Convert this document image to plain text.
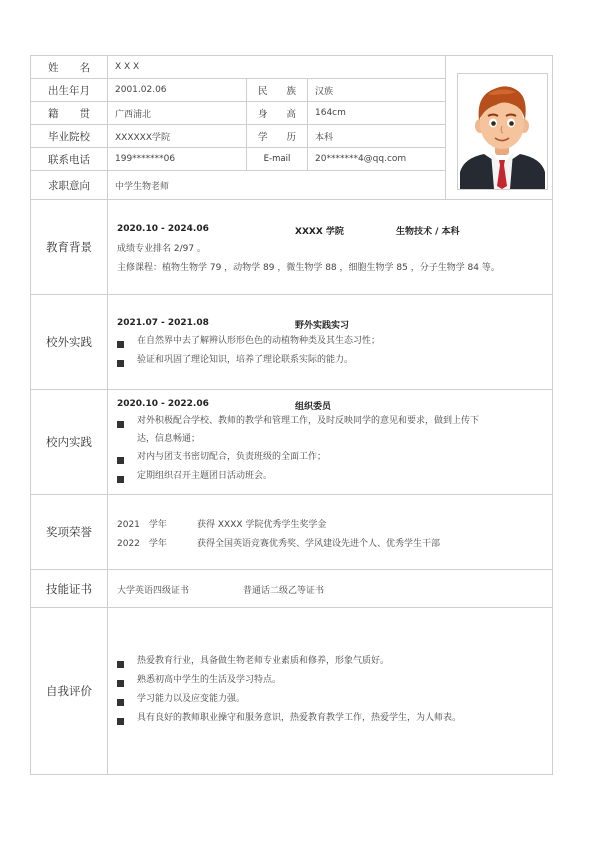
姓　　名	X X X
出生年月	2001.02.06	民　　族	汉族
籍　　贯	广西浦北	身　　高	164cm
毕业院校	XXXXXX学院	学　　历	本科
联系电话	199*******06	E-mail	20*******4@qq.com
求职意向	中学生物老师
教育背景
2020.10 - 2024.06	XXXX 学院	生物技术 / 本科
成绩专业排名 2/97 。
主修课程：植物生物学 79 ，动物学 89 ，微生物学 88 ，细胞生物学 85 ，分子生物学 84 等。
校外实践
2021.07 - 2021.08	野外实践实习
在自然界中去了解辨认形形色色的动植物种类及其生态习性；
验证和巩固了理论知识，培养了理论联系实际的能力。
校内实践
2020.10 - 2022.06	组织委员
对外积极配合学校、教师的教学和管理工作，及时反映同学的意见和要求，做到上传下
达，信息畅通；
对内与团支书密切配合，负责班级的全面工作；
定期组织召开主题团日活动班会。
奖项荣誉	2021　学年	获得 XXXX 学院优秀学生奖学金
2022　学年	获得全国英语竞赛优秀奖、学风建设先进个人、优秀学生干部
技能证书	大学英语四级证书	普通话二级乙等证书
自我评价
热爱教育行业，具备做生物老师专业素质和修养，形象气质好。
熟悉初高中学生的生活及学习特点。
学习能力以及应变能力强。
具有良好的教师职业操守和服务意识，热爱教育教学工作，热爱学生，为人师表。
